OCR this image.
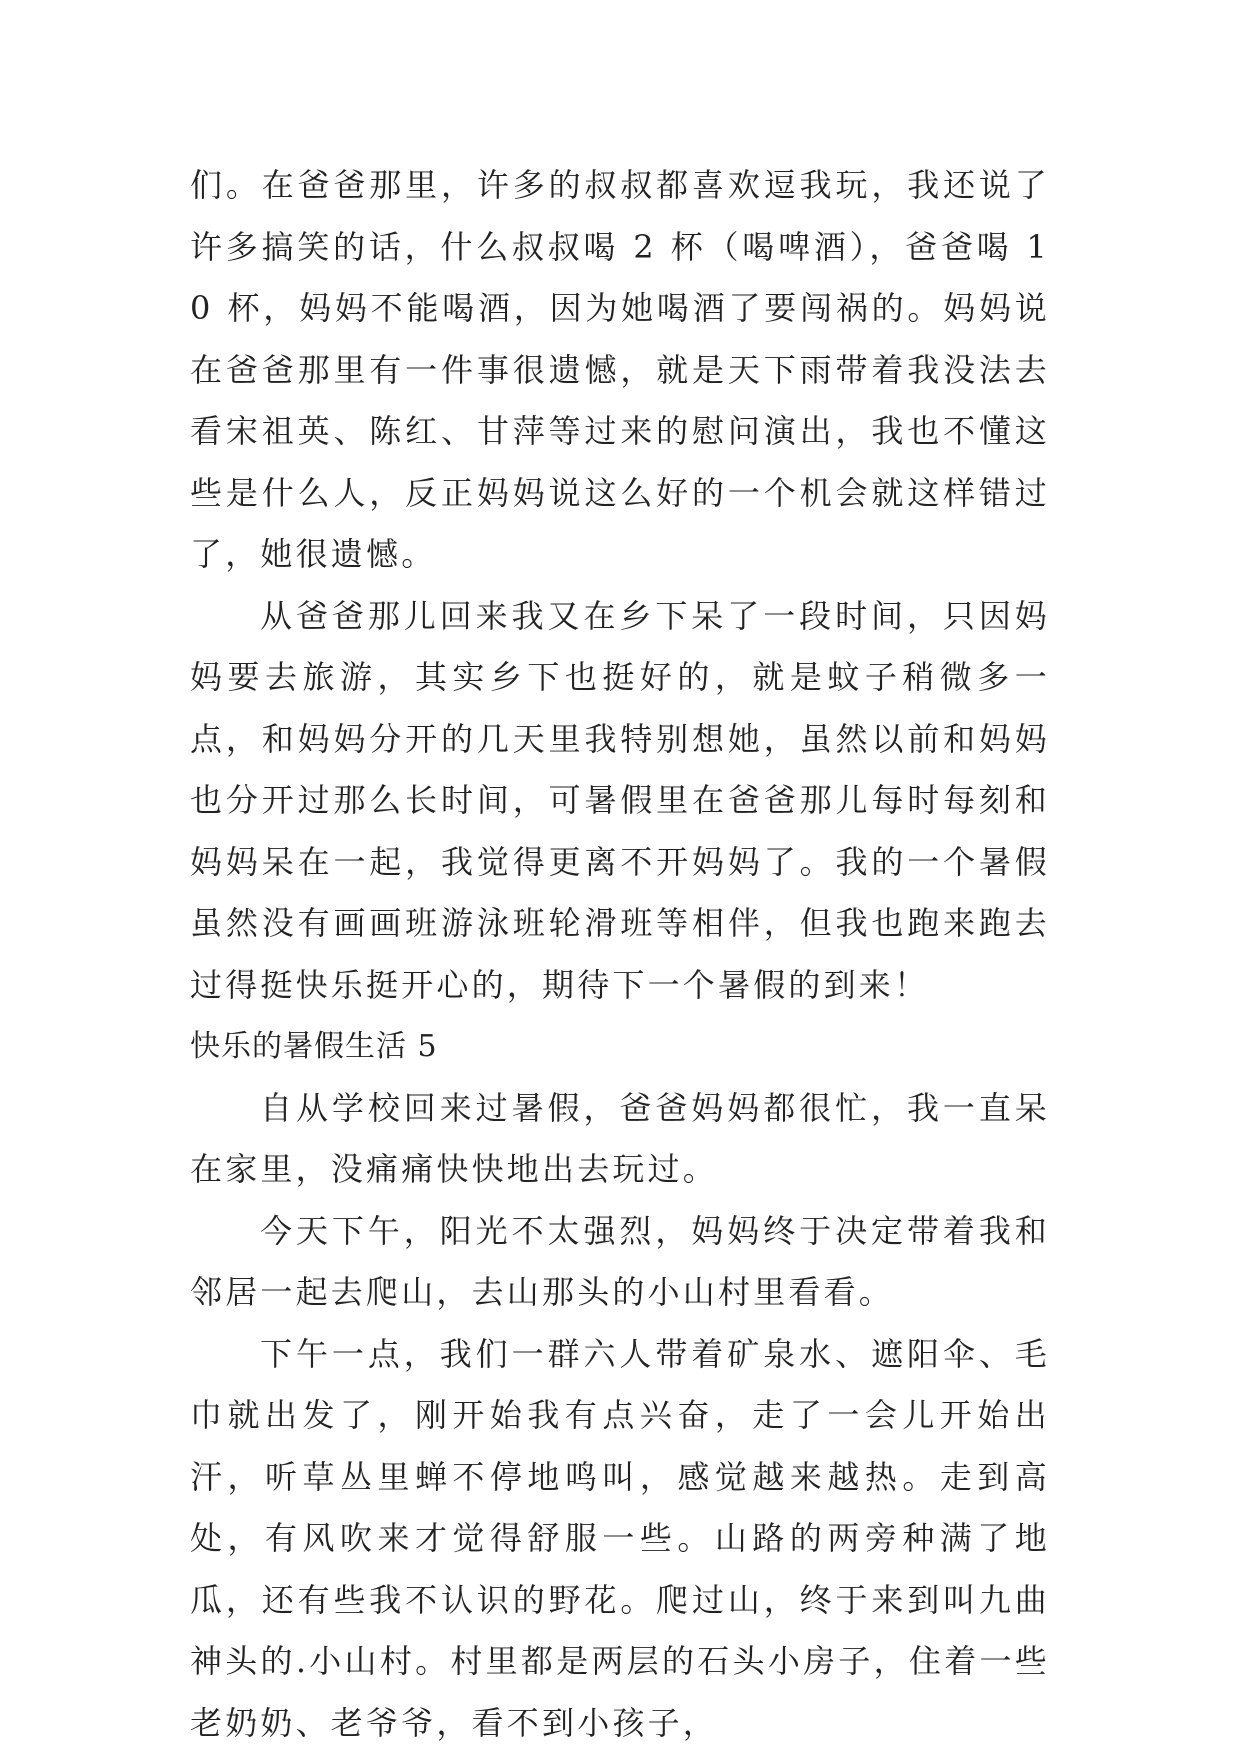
们。在爸爸那里，许多的叔叔都喜欢逗我玩，我还说了许多搞笑的话，什么叔叔喝 2 杯（喝啤酒），爸爸喝 10 杯，妈妈不能喝酒，因为她喝酒了要闯祸的。妈妈说在爸爸那里有一件事很遗憾，就是天下雨带着我没法去看宋祖英、陈红、甘萍等过来的慰问演出，我也不懂这些是什么人，反正妈妈说这么好的一个机会就这样错过了，她很遗憾。

从爸爸那儿回来我又在乡下呆了一段时间，只因妈妈要去旅游，其实乡下也挺好的，就是蚊子稍微多一点，和妈妈分开的几天里我特别想她，虽然以前和妈妈也分开过那么长时间，可暑假里在爸爸那儿每时每刻和妈妈呆在一起，我觉得更离不开妈妈了。我的一个暑假虽然没有画画班游泳班轮滑班等相伴，但我也跑来跑去过得挺快乐挺开心的，期待下一个暑假的到来！

快乐的暑假生活 5

自从学校回来过暑假，爸爸妈妈都很忙，我一直呆在家里，没痛痛快快地出去玩过。

今天下午，阳光不太强烈，妈妈终于决定带着我和邻居一起去爬山，去山那头的小山村里看看。

下午一点，我们一群六人带着矿泉水、遮阳伞、毛巾就出发了，刚开始我有点兴奋，走了一会儿开始出汗，听草丛里蝉不停地鸣叫，感觉越来越热。走到高处，有风吹来才觉得舒服一些。山路的两旁种满了地瓜，还有些我不认识的野花。爬过山，终于来到叫九曲神头的.小山村。村里都是两层的石头小房子，住着一些老奶奶、老爷爷，看不到小孩子，
